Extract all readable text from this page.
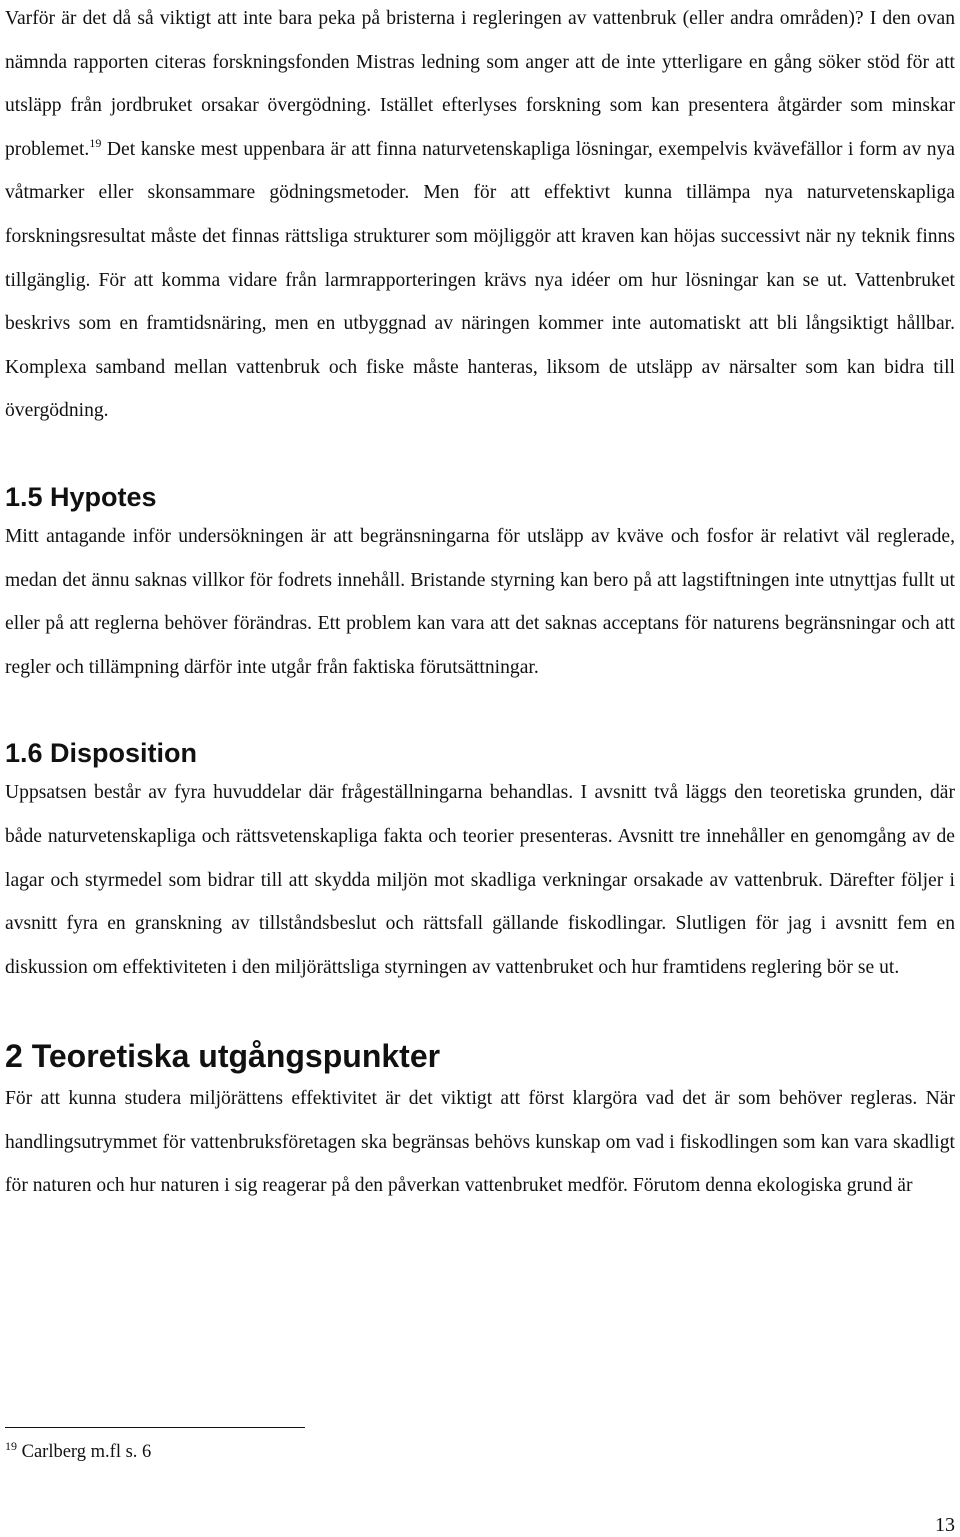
Varför är det då så viktigt att inte bara peka på bristerna i regleringen av vattenbruk (eller andra områden)? I den ovan nämnda rapporten citeras forskningsfonden Mistras ledning som anger att de inte ytterligare en gång söker stöd för att utsläpp från jordbruket orsakar övergödning. Istället efterlyses forskning som kan presentera åtgärder som minskar problemet.$^{19}$ Det kanske mest uppenbara är att finna naturvetenskapliga lösningar, exempelvis kvävefällor i form av nya våtmarker eller skonsammare gödningsmetoder. Men för att effektivt kunna tillämpa nya naturvetenskapliga forskningsresultat måste det finnas rättsliga strukturer som möjliggör att kraven kan höjas successivt när ny teknik finns tillgänglig. För att komma vidare från larmrapporteringen krävs nya idéer om hur lösningar kan se ut. Vattenbruket beskrivs som en framtidsnäring, men en utbyggnad av näringen kommer inte automatiskt att bli långsiktigt hållbar. Komplexa samband mellan vattenbruk och fiske måste hanteras, liksom de utsläpp av närsalter som kan bidra till övergödning.

1.5 Hypotes

Mitt antagande inför undersökningen är att begränsningarna för utsläpp av kväve och fosfor är relativt väl reglerade, medan det ännu saknas villkor för fodrets innehåll. Bristande styrning kan bero på att lagstiftningen inte utnyttjas fullt ut eller på att reglerna behöver förändras. Ett problem kan vara att det saknas acceptans för naturens begränsningar och att regler och tillämpning därför inte utgår från faktiska förutsättningar.

1.6 Disposition

Uppsatsen består av fyra huvuddelar där frågeställningarna behandlas. I avsnitt två läggs den teoretiska grunden, där både naturvetenskapliga och rättsvetenskapliga fakta och teorier presenteras. Avsnitt tre innehåller en genomgång av de lagar och styrmedel som bidrar till att skydda miljön mot skadliga verkningar orsakade av vattenbruk. Därefter följer i avsnitt fyra en granskning av tillståndsbeslut och rättsfall gällande fiskodlingar. Slutligen för jag i avsnitt fem en diskussion om effektiviteten i den miljörättsliga styrningen av vattenbruket och hur framtidens reglering bör se ut.

2 Teoretiska utgångspunkter

För att kunna studera miljörättens effektivitet är det viktigt att först klargöra vad det är som behöver regleras. När handlingsutrymmet för vattenbruksföretagen ska begränsas behövs kunskap om vad i fiskodlingen som kan vara skadligt för naturen och hur naturen i sig reagerar på den påverkan vattenbruket medför. Förutom denna ekologiska grund är

$^{19}$ Carlberg m.fl s. 6

13
